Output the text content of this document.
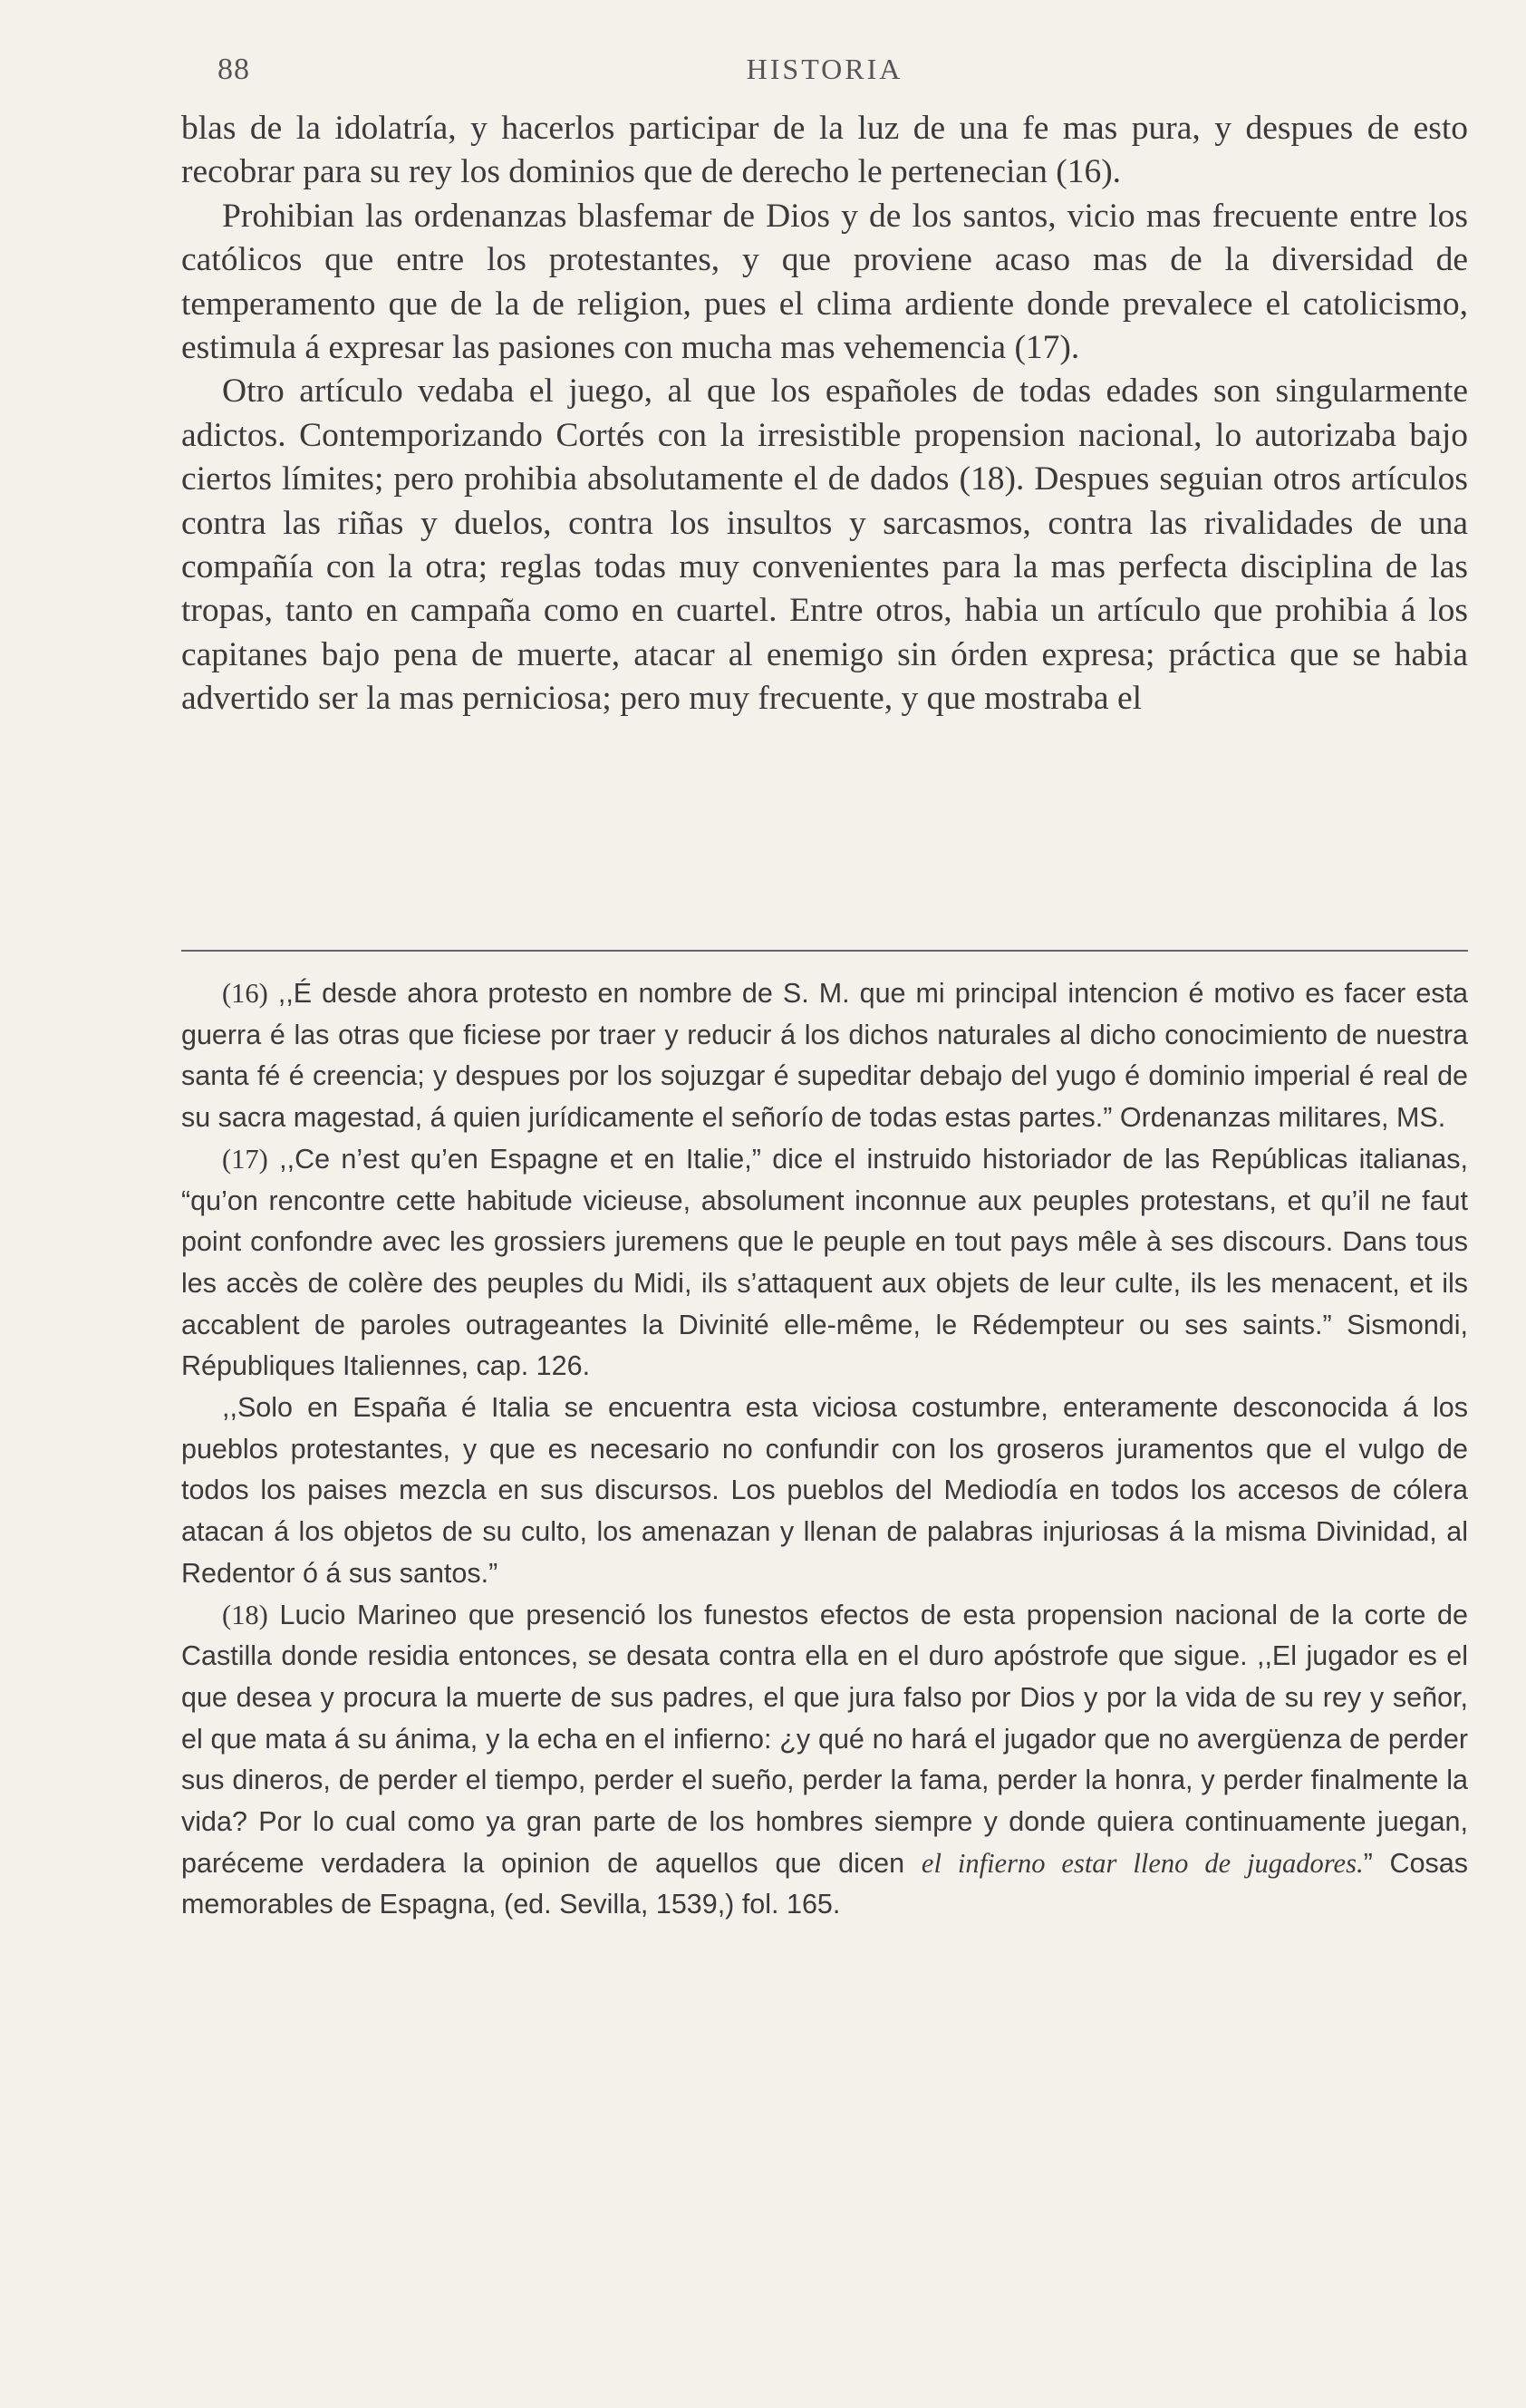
88	HISTORIA

blas de la idolatría, y hacerlos participar de la luz de una fe mas pura, y despues de esto recobrar para su rey los dominios que de derecho le pertenecian (16).

Prohibian las ordenanzas blasfemar de Dios y de los santos, vicio mas frecuente entre los católicos que entre los protestantes, y que proviene acaso mas de la diversidad de temperamento que de la de religion, pues el clima ardiente donde prevalece el catolicismo, estimula á expresar las pasiones con mucha mas vehemencia (17).

Otro artículo vedaba el juego, al que los españoles de todas edades son singularmente adictos. Contemporizando Cortés con la irresistible propension nacional, lo autorizaba bajo ciertos límites; pero prohibia absolutamente el de dados (18). Despues seguian otros artículos contra las riñas y duelos, contra los insultos y sarcasmos, contra las rivalidades de una compañía con la otra; reglas todas muy convenientes para la mas perfecta disciplina de las tropas, tanto en campaña como en cuartel. Entre otros, habia un artículo que prohibia á los capitanes bajo pena de muerte, atacar al enemigo sin órden expresa; práctica que se habia advertido ser la mas perniciosa; pero muy frecuente, y que mostraba el

(16) ,,É desde ahora protesto en nombre de S. M. que mi principal intencion é motivo es facer esta guerra é las otras que ficiese por traer y reducir á los dichos naturales al dicho conocimiento de nuestra santa fé é creencia; y despues por los sojuzgar é supeditar debajo del yugo é dominio imperial é real de su sacra magestad, á quien jurídicamente el señorío de todas estas partes.” Ordenanzas militares, MS.

(17) ,,Ce n’est qu’en Espagne et en Italie,” dice el instruido historiador de las Repúblicas italianas, “qu’on rencontre cette habitude vicieuse, absolument inconnue aux peuples protestans, et qu’il ne faut point confondre avec les grossiers juremens que le peuple en tout pays mêle à ses discours. Dans tous les accès de colère des peuples du Midi, ils s’attaquent aux objets de leur culte, ils les menacent, et ils accablent de paroles outrageantes la Divinité elle-même, le Rédempteur ou ses saints.” Sismondi, Républiques Italiennes, cap. 126.

,,Solo en España é Italia se encuentra esta viciosa costumbre, enteramente desconocida á los pueblos protestantes, y que es necesario no confundir con los groseros juramentos que el vulgo de todos los paises mezcla en sus discursos. Los pueblos del Mediodía en todos los accesos de cólera atacan á los objetos de su culto, los amenazan y llenan de palabras injuriosas á la misma Divinidad, al Redentor ó á sus santos.”

(18) Lucio Marineo que presenció los funestos efectos de esta propension nacional de la corte de Castilla donde residia entonces, se desata contra ella en el duro apóstrofe que sigue. ,,El jugador es el que desea y procura la muerte de sus padres, el que jura falso por Dios y por la vida de su rey y señor, el que mata á su ánima, y la echa en el infierno: ¿y qué no hará el jugador que no avergüenza de perder sus dineros, de perder el tiempo, perder el sueño, perder la fama, perder la honra, y perder finalmente la vida? Por lo cual como ya gran parte de los hombres siempre y donde quiera continuamente juegan, paréceme verdadera la opinion de aquellos que dicen el infierno estar lleno de jugadores.” Cosas memorables de Espagna, (ed. Sevilla, 1539,) fol. 165.
